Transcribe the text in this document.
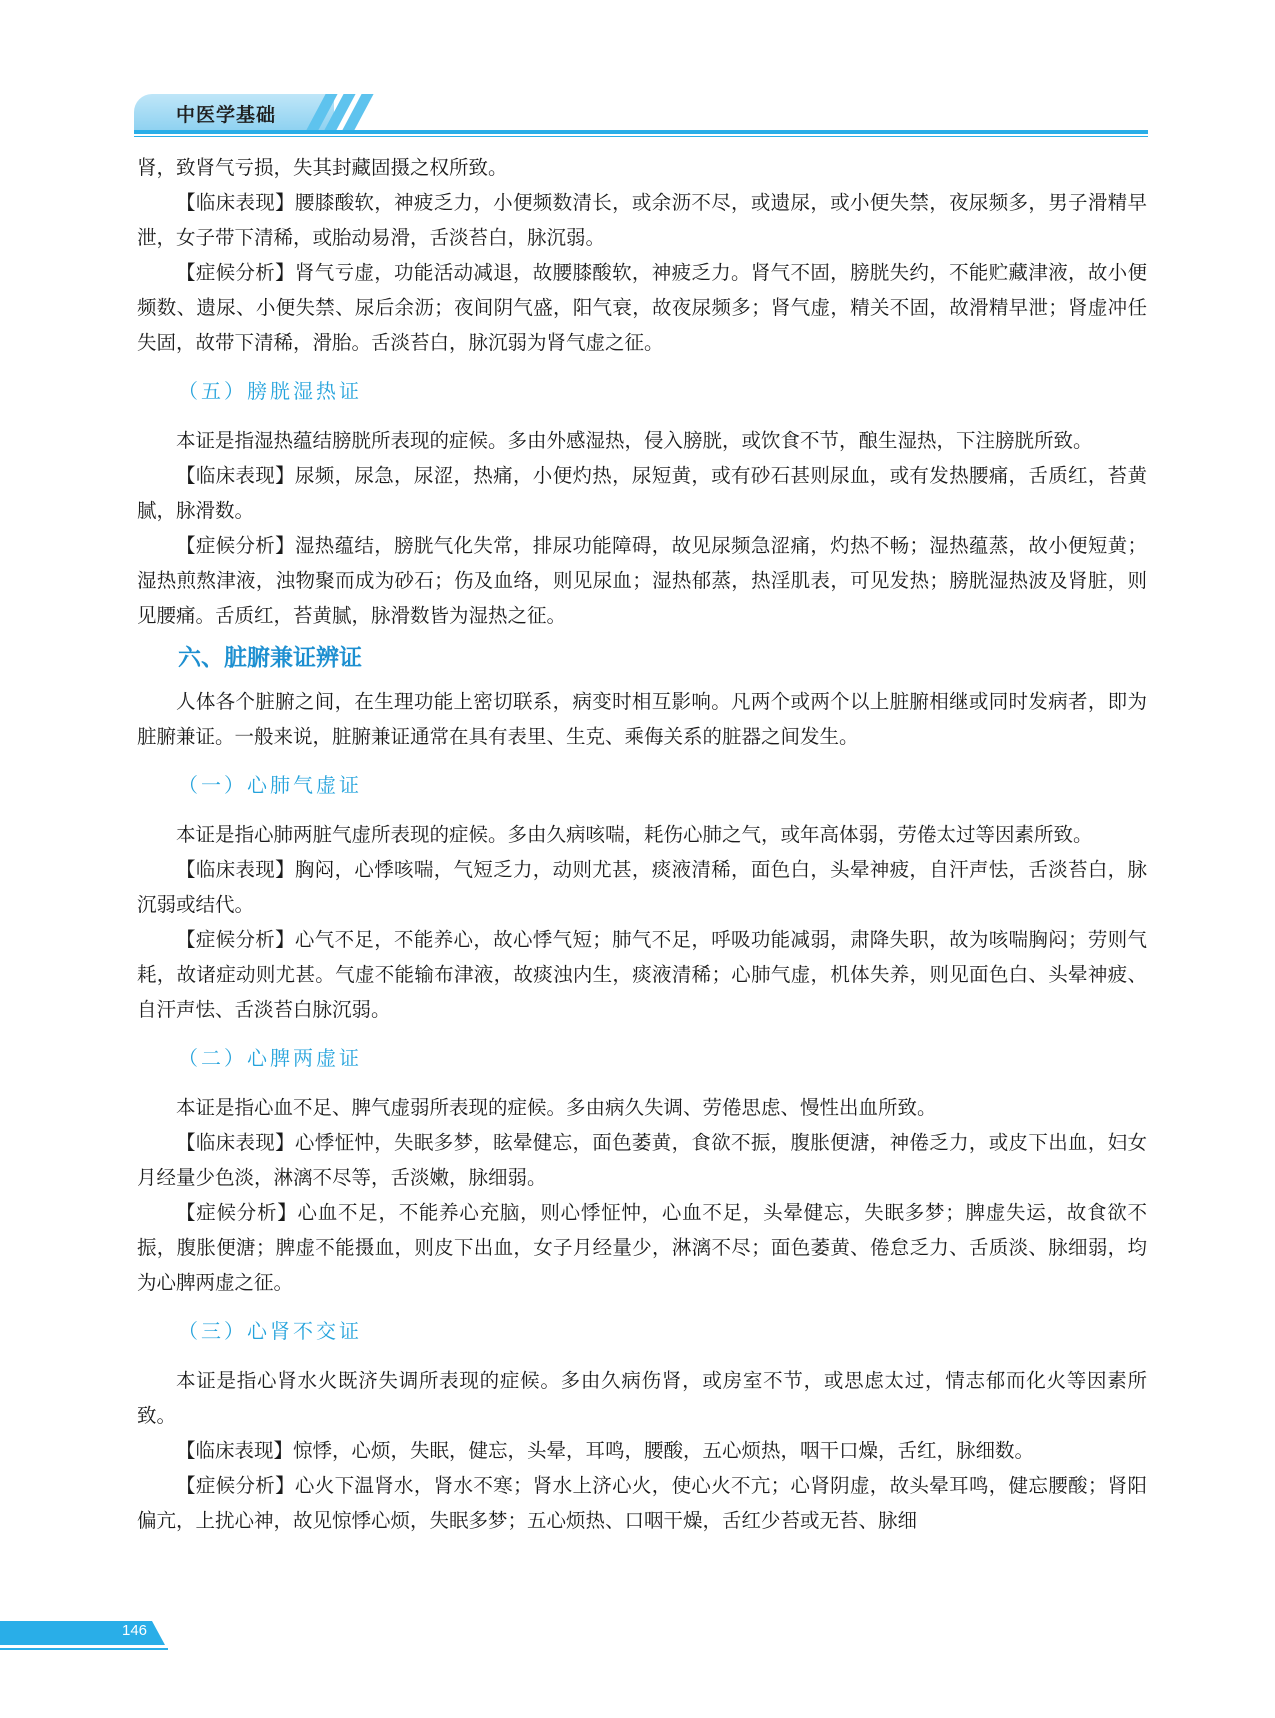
中医学基础

肾，致肾气亏损，失其封藏固摄之权所致。

【临床表现】腰膝酸软，神疲乏力，小便频数清长，或余沥不尽，或遗尿，或小便失禁，夜尿频多，男子滑精早泄，女子带下清稀，或胎动易滑，舌淡苔白，脉沉弱。

【症候分析】肾气亏虚，功能活动减退，故腰膝酸软，神疲乏力。肾气不固，膀胱失约，不能贮藏津液，故小便频数、遗尿、小便失禁、尿后余沥；夜间阴气盛，阳气衰，故夜尿频多；肾气虚，精关不固，故滑精早泄；肾虚冲任失固，故带下清稀，滑胎。舌淡苔白，脉沉弱为肾气虚之征。

（五）膀胱湿热证

本证是指湿热蕴结膀胱所表现的症候。多由外感湿热，侵入膀胱，或饮食不节，酿生湿热，下注膀胱所致。

【临床表现】尿频，尿急，尿涩，热痛，小便灼热，尿短黄，或有砂石甚则尿血，或有发热腰痛，舌质红，苔黄腻，脉滑数。

【症候分析】湿热蕴结，膀胱气化失常，排尿功能障碍，故见尿频急涩痛，灼热不畅；湿热蕴蒸，故小便短黄；湿热煎熬津液，浊物聚而成为砂石；伤及血络，则见尿血；湿热郁蒸，热淫肌表，可见发热；膀胱湿热波及肾脏，则见腰痛。舌质红，苔黄腻，脉滑数皆为湿热之征。

六、脏腑兼证辨证

人体各个脏腑之间，在生理功能上密切联系，病变时相互影响。凡两个或两个以上脏腑相继或同时发病者，即为脏腑兼证。一般来说，脏腑兼证通常在具有表里、生克、乘侮关系的脏器之间发生。

（一）心肺气虚证

本证是指心肺两脏气虚所表现的症候。多由久病咳喘，耗伤心肺之气，或年高体弱，劳倦太过等因素所致。

【临床表现】胸闷，心悸咳喘，气短乏力，动则尤甚，痰液清稀，面色白，头晕神疲，自汗声怯，舌淡苔白，脉沉弱或结代。

【症候分析】心气不足，不能养心，故心悸气短；肺气不足，呼吸功能减弱，肃降失职，故为咳喘胸闷；劳则气耗，故诸症动则尤甚。气虚不能输布津液，故痰浊内生，痰液清稀；心肺气虚，机体失养，则见面色白、头晕神疲、自汗声怯、舌淡苔白脉沉弱。

（二）心脾两虚证

本证是指心血不足、脾气虚弱所表现的症候。多由病久失调、劳倦思虑、慢性出血所致。

【临床表现】心悸怔忡，失眠多梦，眩晕健忘，面色萎黄，食欲不振，腹胀便溏，神倦乏力，或皮下出血，妇女月经量少色淡，淋漓不尽等，舌淡嫩，脉细弱。

【症候分析】心血不足，不能养心充脑，则心悸怔忡，心血不足，头晕健忘，失眠多梦；脾虚失运，故食欲不振，腹胀便溏；脾虚不能摄血，则皮下出血，女子月经量少，淋漓不尽；面色萎黄、倦怠乏力、舌质淡、脉细弱，均为心脾两虚之征。

（三）心肾不交证

本证是指心肾水火既济失调所表现的症候。多由久病伤肾，或房室不节，或思虑太过，情志郁而化火等因素所致。

【临床表现】惊悸，心烦，失眠，健忘，头晕，耳鸣，腰酸，五心烦热，咽干口燥，舌红，脉细数。

【症候分析】心火下温肾水，肾水不寒；肾水上济心火，使心火不亢；心肾阴虚，故头晕耳鸣，健忘腰酸；肾阳偏亢，上扰心神，故见惊悸心烦，失眠多梦；五心烦热、口咽干燥，舌红少苔或无苔、脉细

146
